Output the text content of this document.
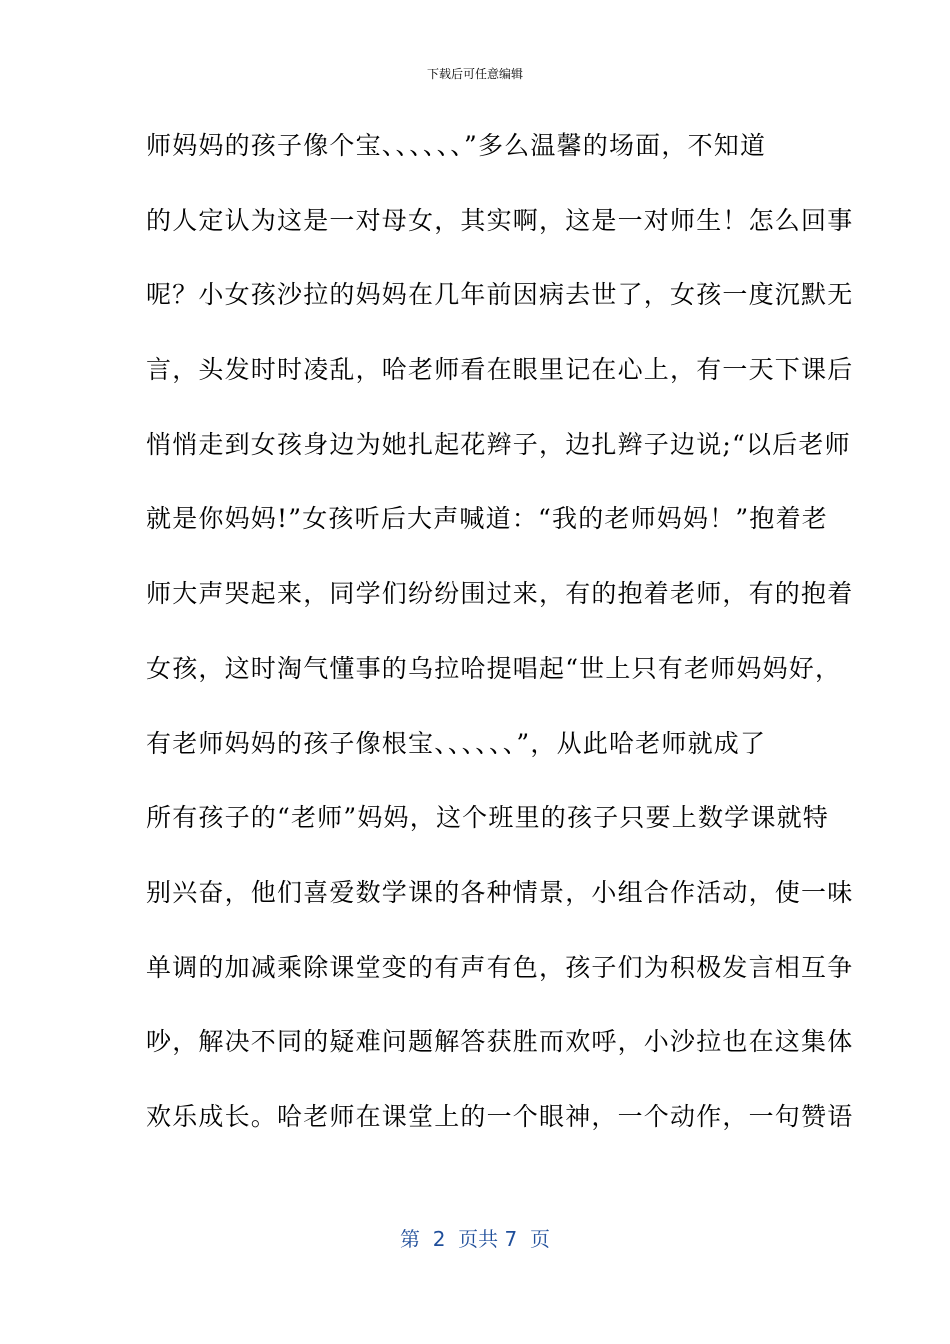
下载后可任意编辑
师妈妈的孩子像个宝、、、、、、”多么温馨的场面，不知道
的人定认为这是一对母女，其实啊，这是一对师生！怎么回事
呢？小女孩沙拉的妈妈在几年前因病去世了，女孩一度沉默无
言，头发时时凌乱，哈老师看在眼里记在心上，有一天下课后
悄悄走到女孩身边为她扎起花辫子，边扎辫子边说;“以后老师
就是你妈妈!”女孩听后大声喊道：“我的老师妈妈！”抱着老
师大声哭起来，同学们纷纷围过来，有的抱着老师，有的抱着
女孩，这时淘气懂事的乌拉哈提唱起“世上只有老师妈妈好，
有老师妈妈的孩子像根宝、、、、、、”，从此哈老师就成了
所有孩子的“老师”妈妈，这个班里的孩子只要上数学课就特
别兴奋，他们喜爱数学课的各种情景，小组合作活动，使一味
单调的加减乘除课堂变的有声有色，孩子们为积极发言相互争
吵，解决不同的疑难问题解答获胜而欢呼，小沙拉也在这集体
欢乐成长。哈老师在课堂上的一个眼神，一个动作，一句赞语
第 2 页共 7 页
